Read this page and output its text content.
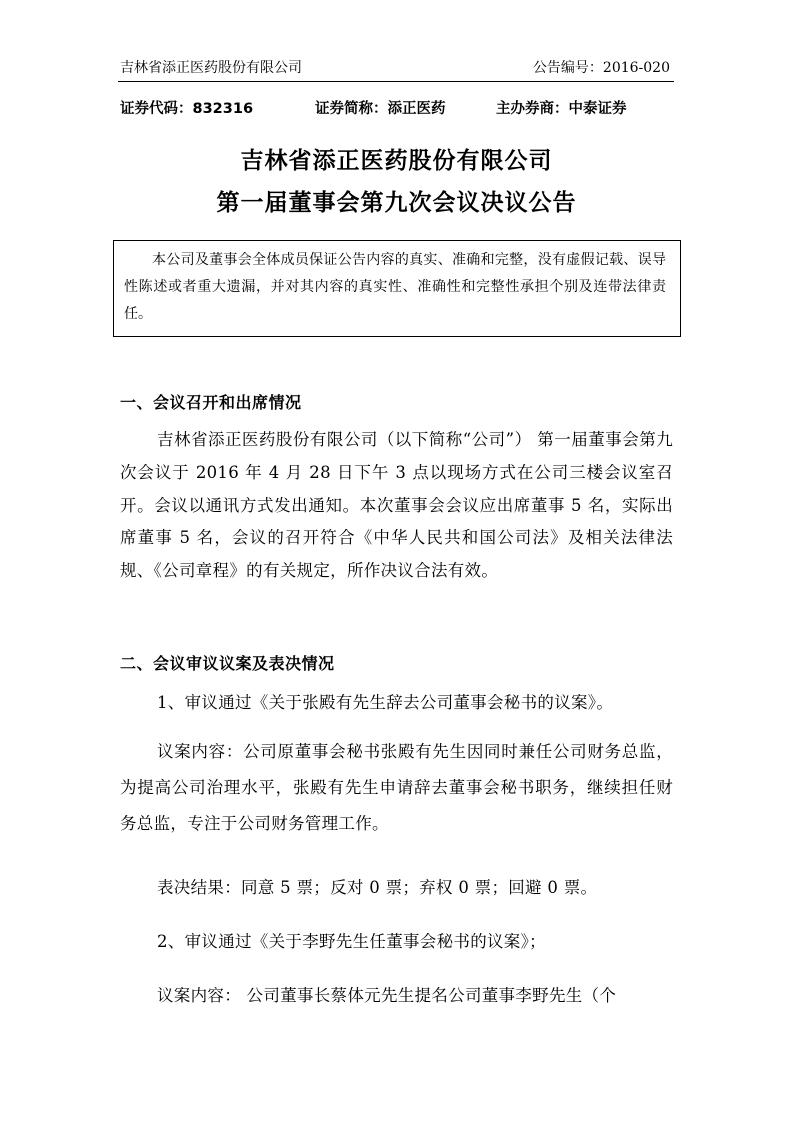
吉林省添正医药股份有限公司	公告编号：2016-020
证券代码：832316	证券简称：添正医药	主办券商：中泰证券
吉林省添正医药股份有限公司
第一届董事会第九次会议决议公告
本公司及董事会全体成员保证公告内容的真实、准确和完整，没有虚假记载、误导性陈述或者重大遗漏，并对其内容的真实性、准确性和完整性承担个别及连带法律责任。
一、会议召开和出席情况
吉林省添正医药股份有限公司（以下简称“公司”） 第一届董事会第九次会议于 2016 年 4 月 28 日下午 3 点以现场方式在公司三楼会议室召开。会议以通讯方式发出通知。本次董事会会议应出席董事 5 名，实际出席董事 5 名，会议的召开符合《中华人民共和国公司法》及相关法律法规、《公司章程》的有关规定，所作决议合法有效。
二、会议审议议案及表决情况
1、审议通过《关于张殿有先生辞去公司董事会秘书的议案》。
议案内容：公司原董事会秘书张殿有先生因同时兼任公司财务总监，为提高公司治理水平，张殿有先生申请辞去董事会秘书职务，继续担任财务总监，专注于公司财务管理工作。
表决结果：同意 5 票；反对 0 票；弃权 0 票；回避 0 票。
2、审议通过《关于李野先生任董事会秘书的议案》；
议案内容： 公司董事长蔡体元先生提名公司董事李野先生（个
